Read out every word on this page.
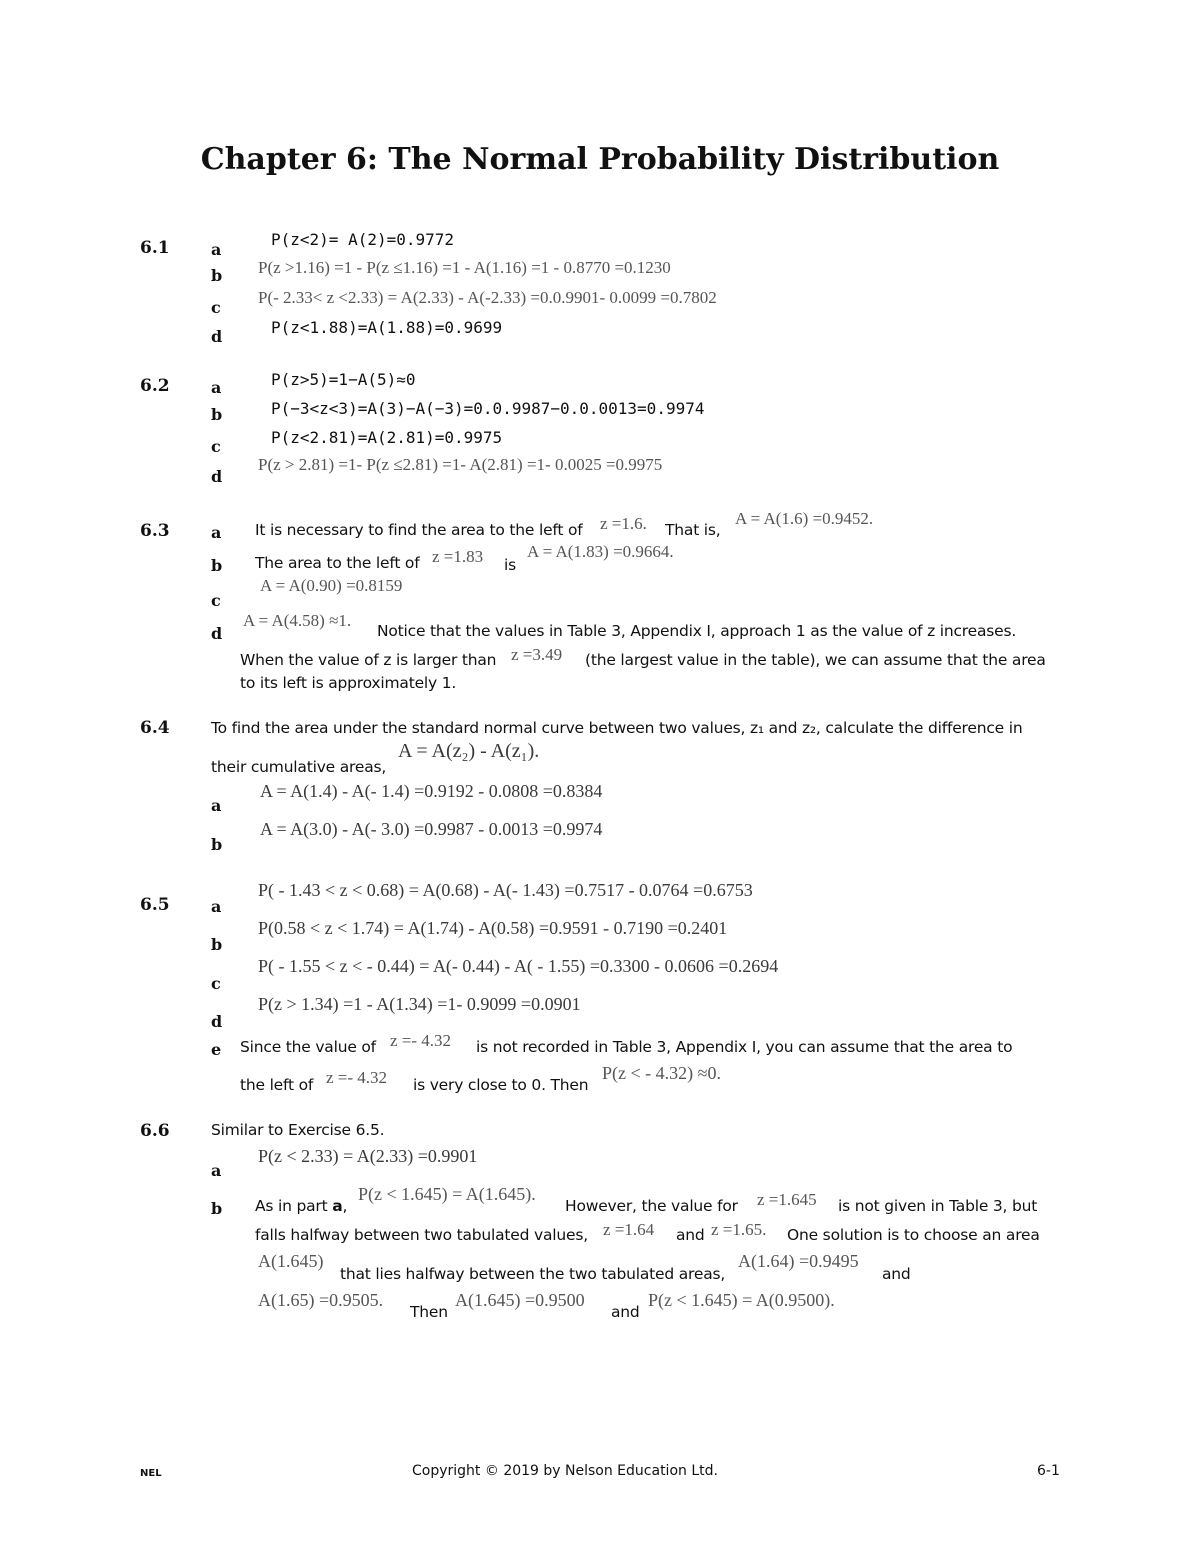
Chapter 6: The Normal Probability Distribution
6.1	a
P(z<2)= A(2)=0.9772
b P(z >1.16) =1 - P(z ≤1.16) =1 - A(1.16) =1 - 0.8770 =0.1230
c
P(- 2.33< z <2.33) = A(2.33) - A(-2.33) =0.0.9901- 0.0099 =0.7802
d	P(z<1.88)=A(1.88)=0.9699
6.2	a	P(z>5)=1−A(5)≈0
b	P(−3<z<3)=A(3)−A(−3)=0.0.9987−0.0.0013=0.9974
c	P(z<2.81)=A(2.81)=0.9975
d
P(z > 2.81) =1- P(z ≤2.81) =1- A(2.81) =1- 0.0025 =0.9975
6.3	a It is necessary to find the area to the left of z =1.6. That is,
A = A(1.6) =0.9452.
b The area to the left of z =1.83 is
A = A(1.83) =0.9664.
c
A = A(0.90) =0.8159
d
A = A(4.58) ≈1.
Notice that the values in Table 3, Appendix I, approach 1 as the value of z increases.
When the value of z is larger than z =3.49 (the largest value in the table), we can assume that the area
to its left is approximately 1.
6.4	To find the area under the standard normal curve between two values, z₁ and z₂, calculate the difference in
their cumulative areas,
A = A(z₂) - A(z₁).
a
A = A(1.4) - A(- 1.4) =0.9192 - 0.0808 =0.8384
b
A = A(3.0) - A(- 3.0) =0.9987 - 0.0013 =0.9974
6.5	a
P( - 1.43 < z < 0.68) = A(0.68) - A(- 1.43) =0.7517 - 0.0764 =0.6753
b
P(0.58 < z < 1.74) = A(1.74) - A(0.58) =0.9591 - 0.7190 =0.2401
c
P( - 1.55 < z < - 0.44) = A(- 0.44) - A( - 1.55) =0.3300 - 0.0606 =0.2694
d
P(z > 1.34) =1 - A(1.34) =1- 0.9099 =0.0901
e Since the value of z =- 4.32 is not recorded in Table 3, Appendix I, you can assume that the area to
the left of z =- 4.32 is very close to 0. Then
P(z < - 4.32) ≈0.
6.6	Similar to Exercise 6.5.
a
P(z < 2.33) = A(2.33) =0.9901
b As in part a,
P(z < 1.645) = A(1.645).
However, the value for z =1.645 is not given in Table 3, but
falls halfway between two tabulated values, z =1.64 and z =1.65. One solution is to choose an area
A(1.645)
that lies halfway between the two tabulated areas,
A(1.64) =0.9495
and
A(1.65) =0.9505.
Then
A(1.645) =0.9500
and
P(z < 1.645) = A(0.9500).
NEL	Copyright © 2019 by Nelson Education Ltd.	6-1
